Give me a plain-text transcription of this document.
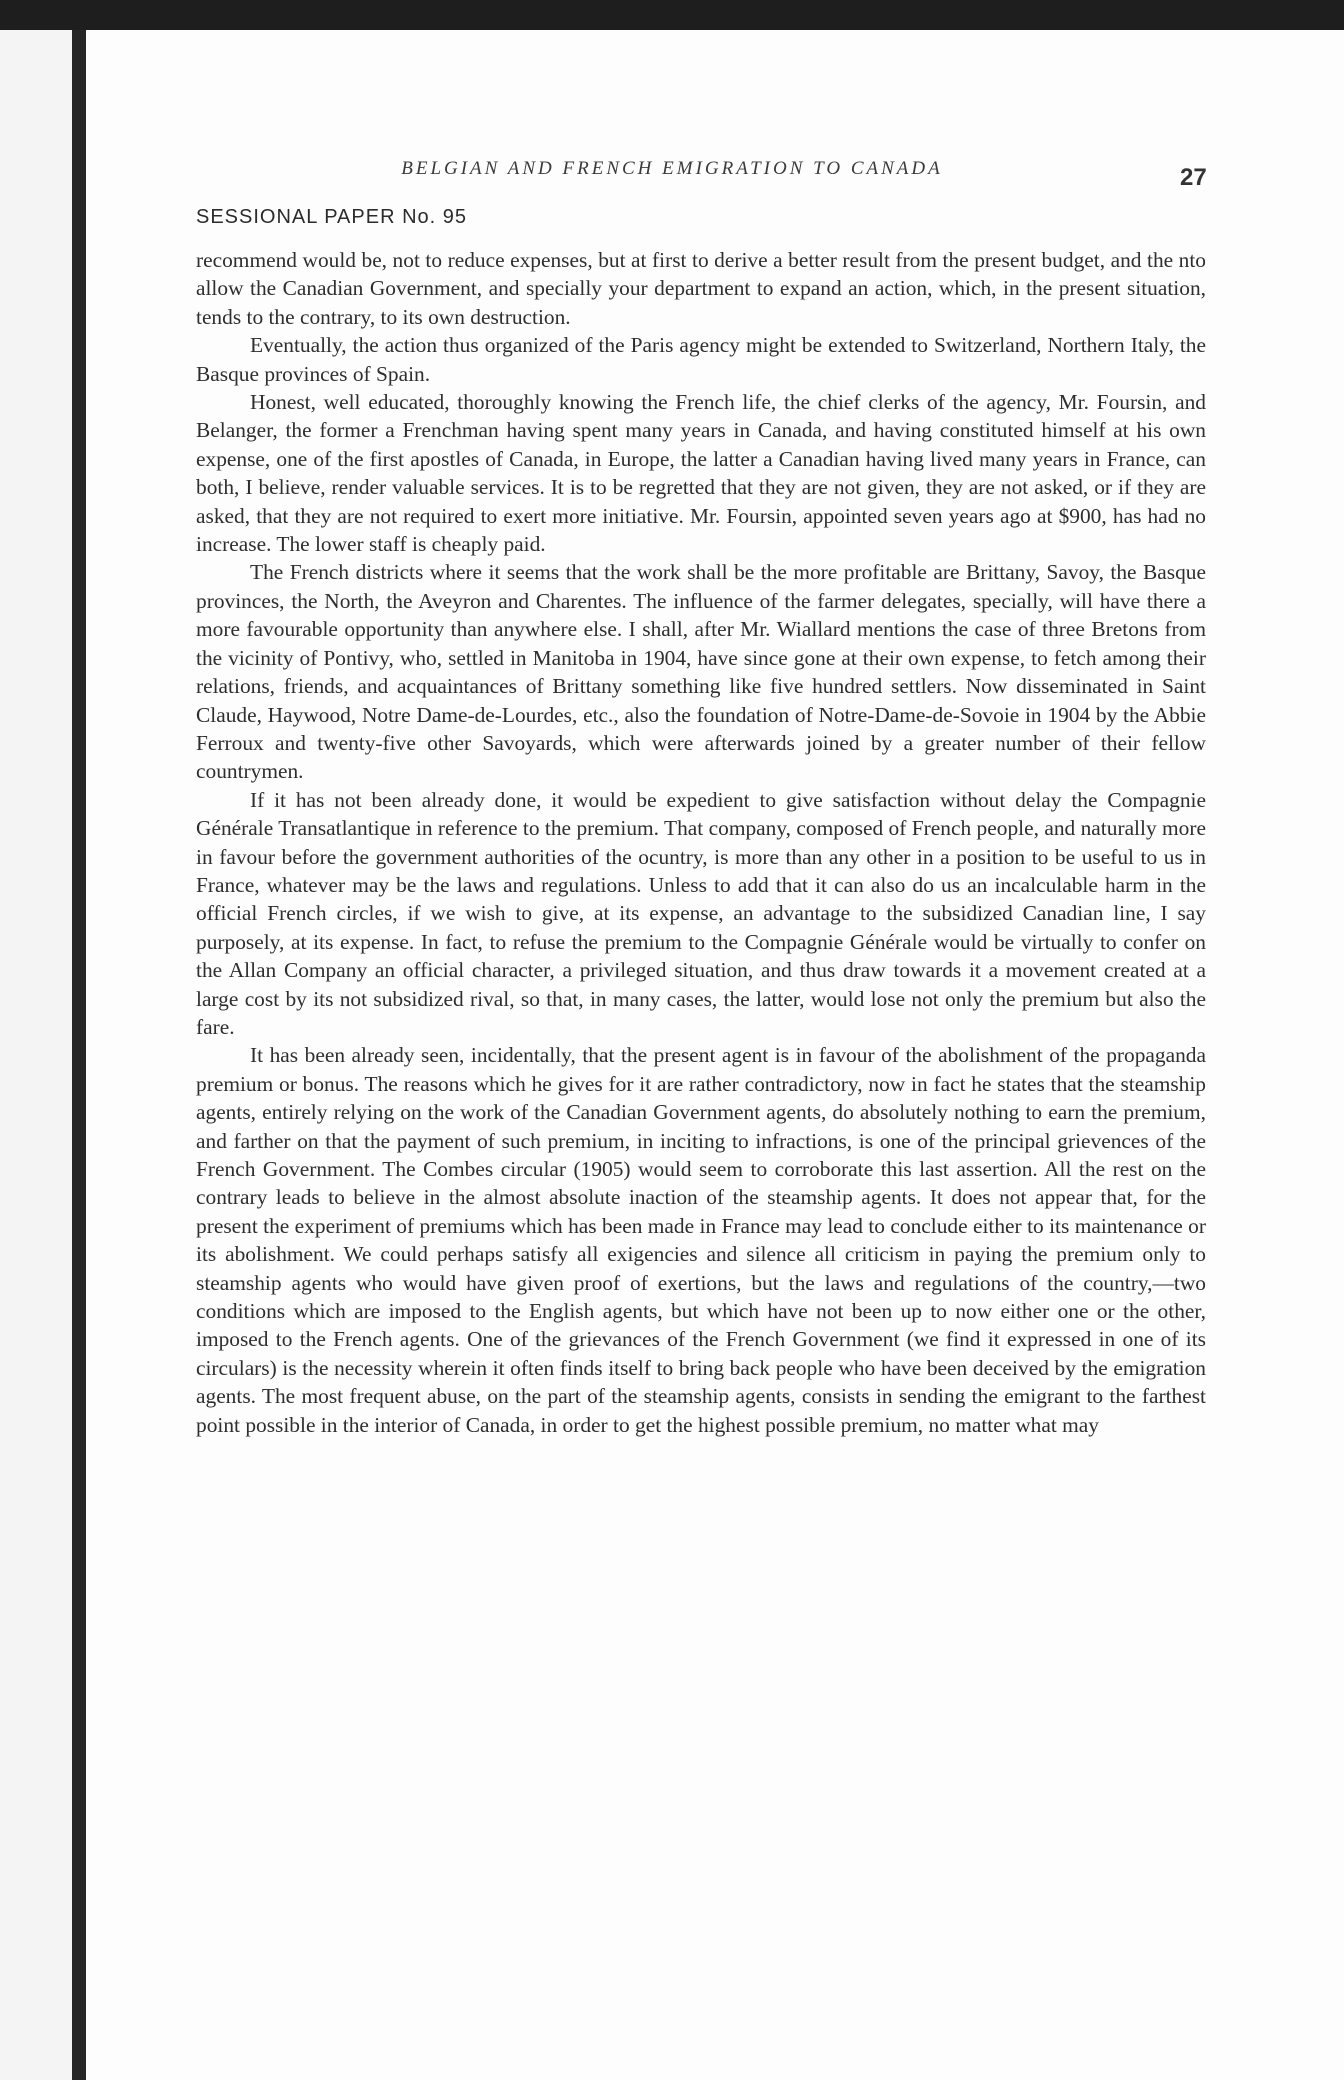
BELGIAN AND FRENCH EMIGRATION TO CANADA	27
SESSIONAL PAPER No. 95

recommend would be, not to reduce expenses, but at first to derive a better result from the present budget, and the nto allow the Canadian Government, and specially your department to expand an action, which, in the present situation, tends to the contrary, to its own destruction.

Eventually, the action thus organized of the Paris agency might be extended to Switzerland, Northern Italy, the Basque provinces of Spain.

Honest, well educated, thoroughly knowing the French life, the chief clerks of the agency, Mr. Foursin, and Belanger, the former a Frenchman having spent many years in Canada, and having constituted himself at his own expense, one of the first apostles of Canada, in Europe, the latter a Canadian having lived many years in France, can both, I believe, render valuable services. It is to be regretted that they are not given, they are not asked, or if they are asked, that they are not required to exert more initiative. Mr. Foursin, appointed seven years ago at $900, has had no increase. The lower staff is cheaply paid.

The French districts where it seems that the work shall be the more profitable are Brittany, Savoy, the Basque provinces, the North, the Aveyron and Charentes. The influence of the farmer delegates, specially, will have there a more favourable opportunity than anywhere else. I shall, after Mr. Wiallard mentions the case of three Bretons from the vicinity of Pontivy, who, settled in Manitoba in 1904, have since gone at their own expense, to fetch among their relations, friends, and acquaintances of Brittany something like five hundred settlers. Now disseminated in Saint Claude, Haywood, Notre Dame-de-Lourdes, etc., also the foundation of Notre-Dame-de-Sovoie in 1904 by the Abbie Ferroux and twenty-five other Savoyards, which were afterwards joined by a greater number of their fellow countrymen.

If it has not been already done, it would be expedient to give satisfaction without delay the Compagnie Générale Transatlantique in reference to the premium. That company, composed of French people, and naturally more in favour before the government authorities of the ocuntry, is more than any other in a position to be useful to us in France, whatever may be the laws and regulations. Unless to add that it can also do us an incalculable harm in the official French circles, if we wish to give, at its expense, an advantage to the subsidized Canadian line, I say purposely, at its expense. In fact, to refuse the premium to the Compagnie Générale would be virtually to confer on the Allan Company an official character, a privileged situation, and thus draw towards it a movement created at a large cost by its not subsidized rival, so that, in many cases, the latter, would lose not only the premium but also the fare.

It has been already seen, incidentally, that the present agent is in favour of the abolishment of the propaganda premium or bonus. The reasons which he gives for it are rather contradictory, now in fact he states that the steamship agents, entirely relying on the work of the Canadian Government agents, do absolutely nothing to earn the premium, and farther on that the payment of such premium, in inciting to infractions, is one of the principal grievences of the French Government. The Combes circular (1905) would seem to corroborate this last assertion. All the rest on the contrary leads to believe in the almost absolute inaction of the steamship agents. It does not appear that, for the present the experiment of premiums which has been made in France may lead to conclude either to its maintenance or its abolishment. We could perhaps satisfy all exigencies and silence all criticism in paying the premium only to steamship agents who would have given proof of exertions, but the laws and regulations of the country,—two conditions which are imposed to the English agents, but which have not been up to now either one or the other, imposed to the French agents. One of the grievances of the French Government (we find it expressed in one of its circulars) is the necessity wherein it often finds itself to bring back people who have been deceived by the emigration agents. The most frequent abuse, on the part of the steamship agents, consists in sending the emigrant to the farthest point possible in the interior of Canada, in order to get the highest possible premium, no matter what may
